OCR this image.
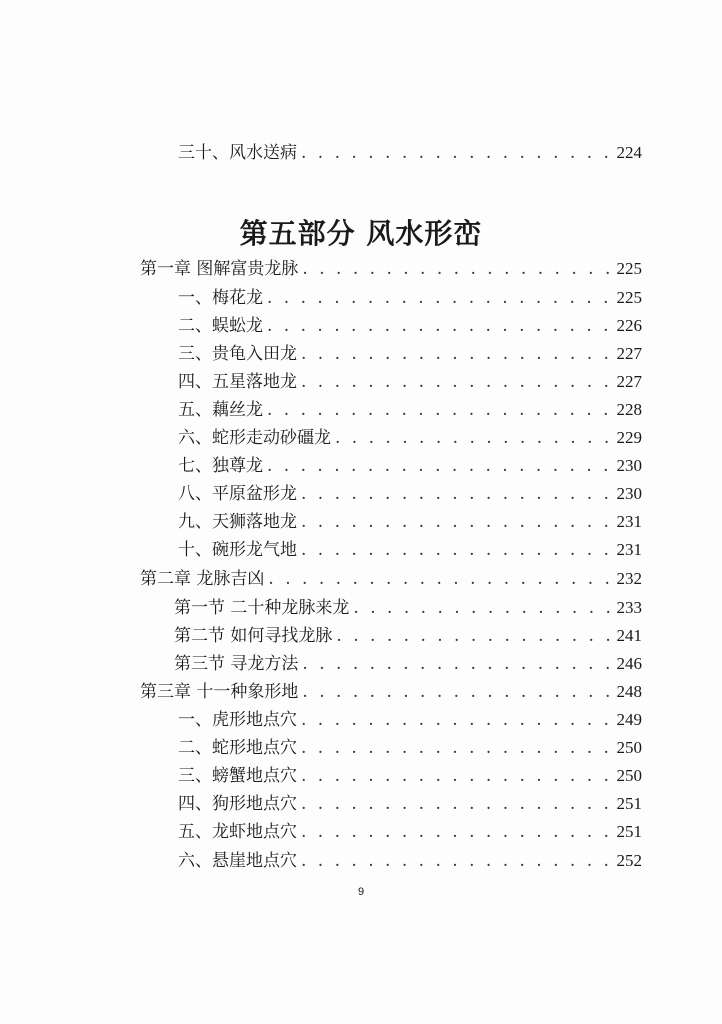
三十、风水送病 . . .	224
第五部分 风水形峦
第一章 图解富贵龙脉 . . .	225
一、梅花龙 . . .	225
二、蜈蚣龙 . . .	226
三、贵龟入田龙 . . .	227
四、五星落地龙 . . .	227
五、藕丝龙 . . .	228
六、蛇形走动砂礓龙 . . .	229
七、独尊龙 . . .	230
八、平原盆形龙 . . .	230
九、天狮落地龙 . . .	231
十、碗形龙气地 . . .	231
第二章 龙脉吉凶 . . .	232
第一节 二十种龙脉来龙 . . .	233
第二节 如何寻找龙脉 . . .	241
第三节 寻龙方法 . . .	246
第三章 十一种象形地 . . .	248
一、虎形地点穴 . . .	249
二、蛇形地点穴 . . .	250
三、螃蟹地点穴 . . .	250
四、狗形地点穴 . . .	251
五、龙虾地点穴 . . .	251
六、悬崖地点穴 . . .	252
9
